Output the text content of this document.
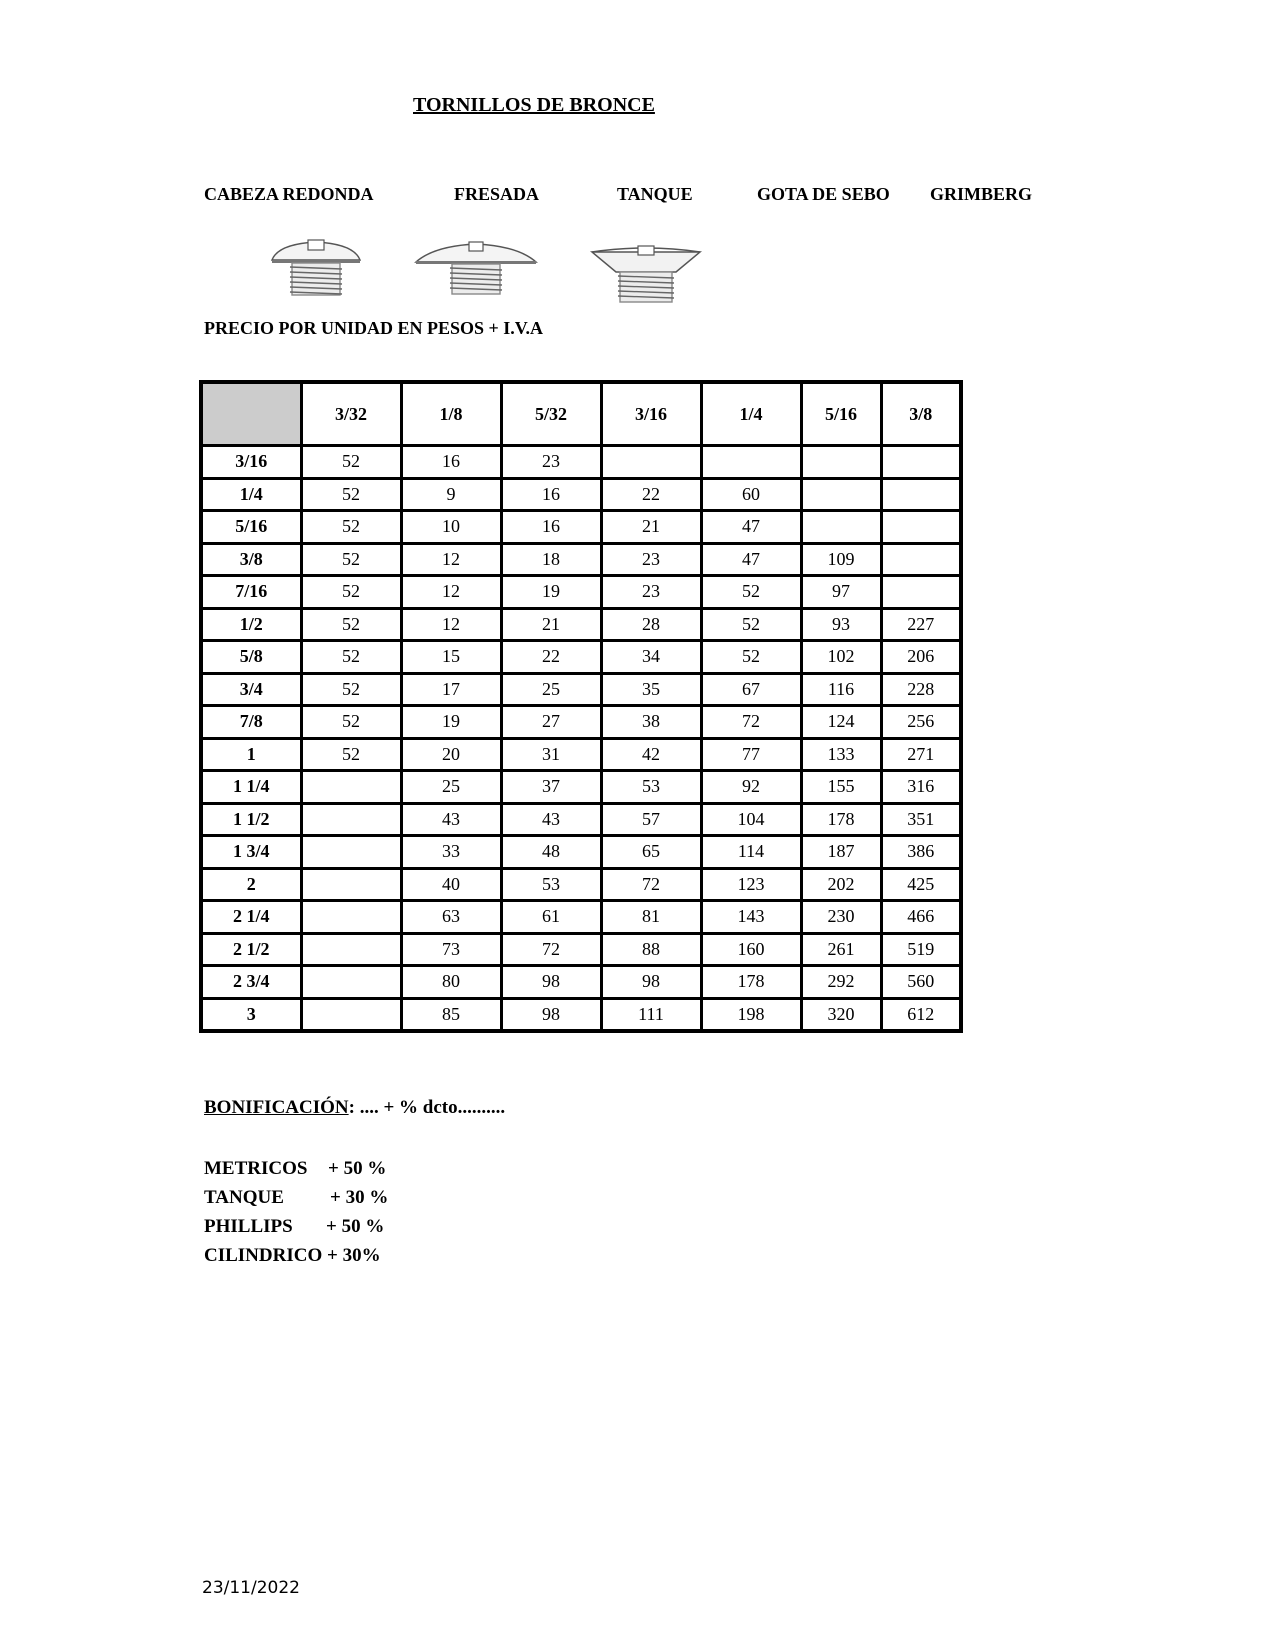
TORNILLOS DE BRONCE
CABEZA REDONDA	FRESADA	TANQUE	GOTA DE SEBO GRIMBERG
PRECIO POR UNIDAD EN PESOS + I.V.A
	3/32	1/8	5/32	3/16	1/4	5/16	3/8
3/16	52	16	23				
1/4	52	9	16	22	60		
5/16	52	10	16	21	47		
3/8	52	12	18	23	47	109	
7/16	52	12	19	23	52	97	
1/2	52	12	21	28	52	93	227
5/8	52	15	22	34	52	102	206
3/4	52	17	25	35	67	116	228
7/8	52	19	27	38	72	124	256
1	52	20	31	42	77	133	271
1 1/4		25	37	53	92	155	316
1 1/2		43	43	57	104	178	351
1 3/4		33	48	65	114	187	386
2		40	53	72	123	202	425
2 1/4		63	61	81	143	230	466
2 1/2		73	72	88	160	261	519
2 3/4		80	98	98	178	292	560
3		85	98	111	198	320	612
BONIFICACIÓN: .... + % dcto..........
METRICOS + 50 %
TANQUE + 30 %
PHILLIPS + 50 %
CILINDRICO + 30%
23/11/2022
